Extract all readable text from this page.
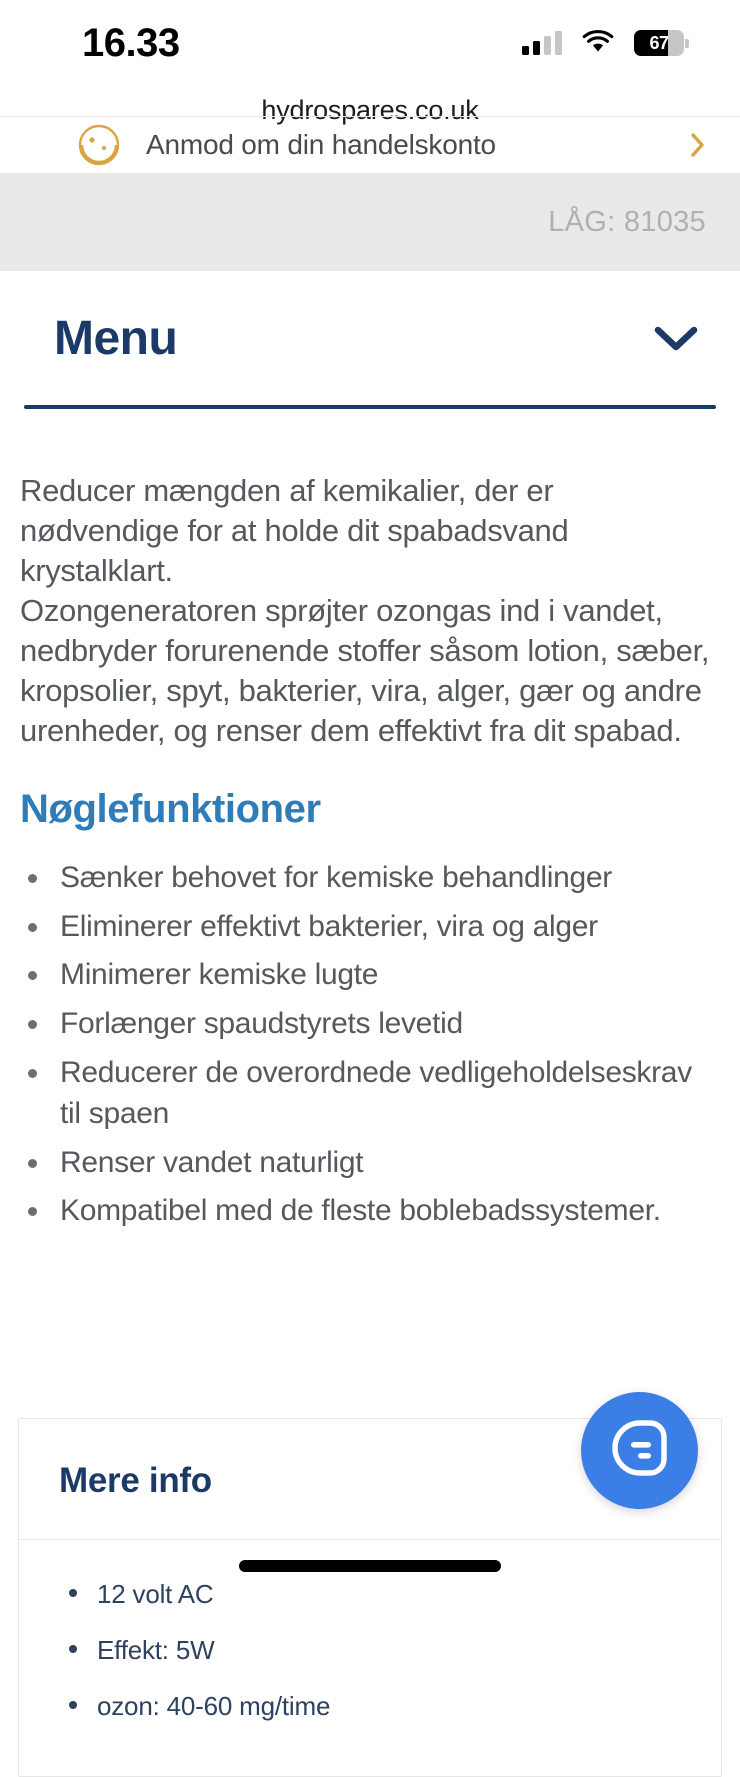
16.33	67
hydrospares.co.uk
Anmod om din handelskonto
LÅG: 81035
Menu

Reducer mængden af kemikalier, der er nødvendige for at holde dit spabadsvand krystalklart.

Ozongeneratoren sprøjter ozongas ind i vandet, nedbryder forurenende stoffer såsom lotion, sæber, kropsolier, spyt, bakterier, vira, alger, gær og andre urenheder, og renser dem effektivt fra dit spabad.

Nøglefunktioner
Sænker behovet for kemiske behandlinger
Eliminerer effektivt bakterier, vira og alger
Minimerer kemiske lugte
Forlænger spaudstyrets levetid
Reducerer de overordnede vedligeholdelseskrav til spaen
Renser vandet naturligt
Kompatibel med de fleste boblebadssystemer.
Mere info
12 volt AC
Effekt: 5W
ozon: 40-60 mg/time
